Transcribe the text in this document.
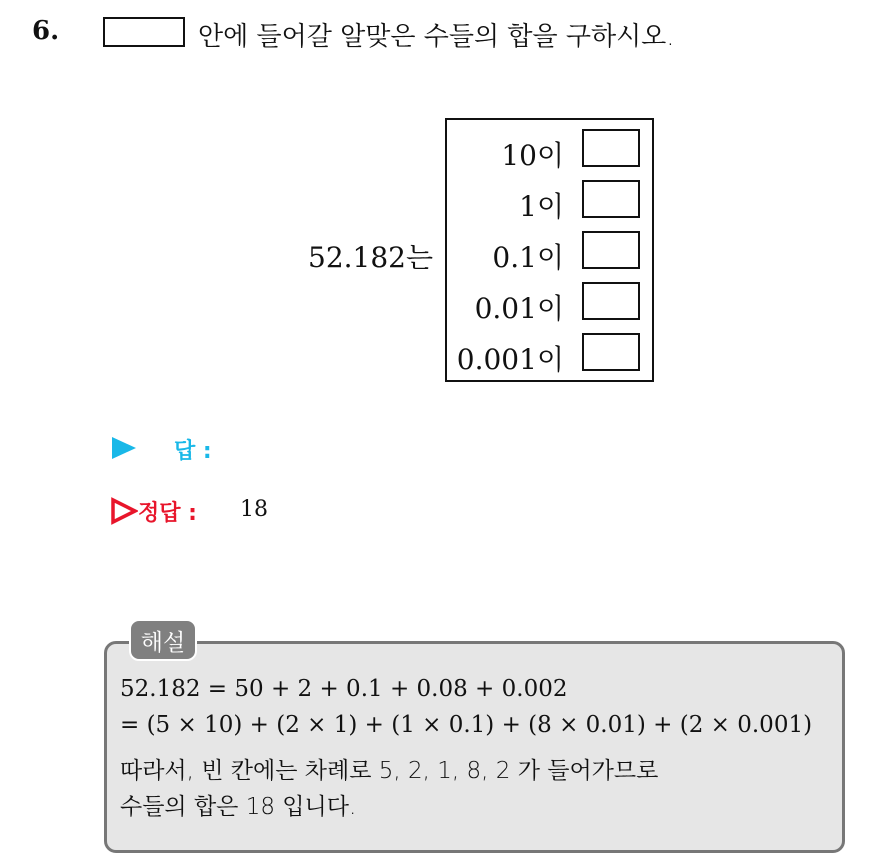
6.	안에 들어갈 알맞은 수들의 합을 구하시오.
52.182는
10이
1이
0.1이
0.01이
0.001이
답 :
정답 : 18
해설
52.182 = 50 + 2 + 0.1 + 0.08 + 0.002
= (5 × 10) + (2 × 1) + (1 × 0.1) + (8 × 0.01) + (2 × 0.001)
따라서, 빈 칸에는 차례로 5, 2, 1, 8, 2 가 들어가므로
수들의 합은 18 입니다.
